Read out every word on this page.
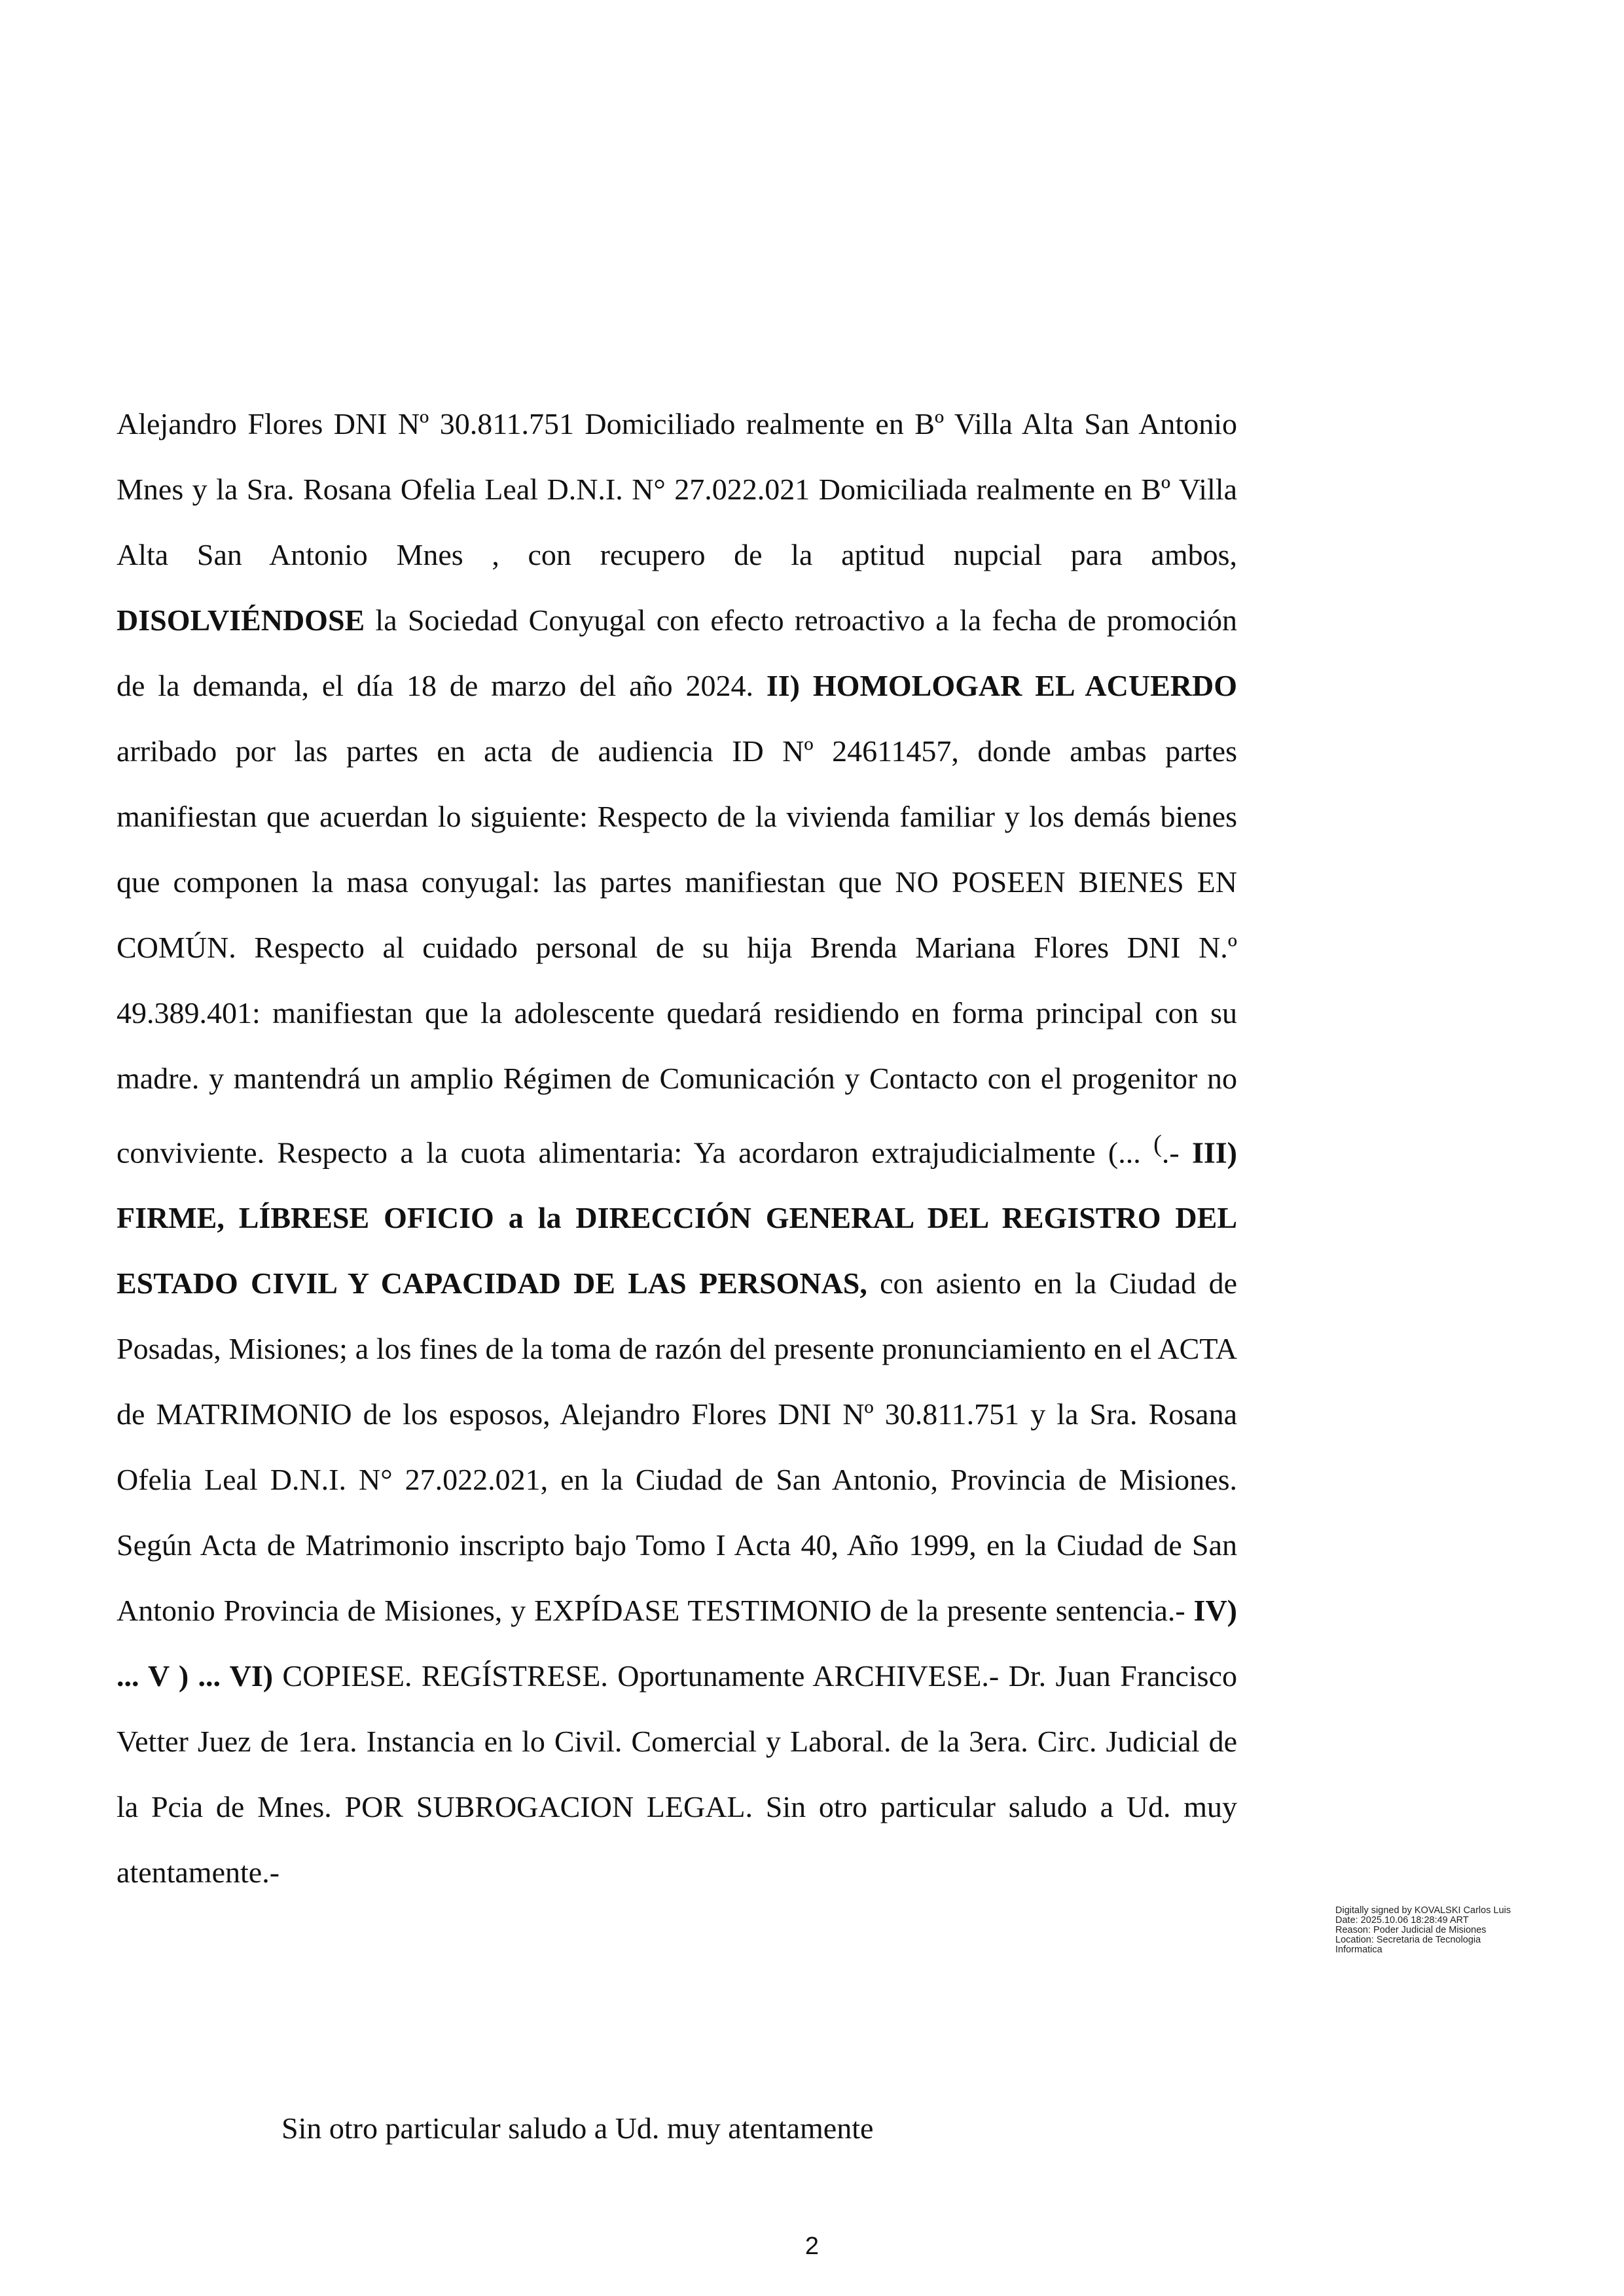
Alejandro Flores DNI Nº 30.811.751 Domiciliado realmente en Bº Villa Alta San Antonio Mnes y la Sra. Rosana Ofelia Leal D.N.I. N° 27.022.021 Domiciliada realmente en Bº Villa Alta San Antonio Mnes , con recupero de la aptitud nupcial para ambos, DISOLVIÉNDOSE la Sociedad Conyugal con efecto retroactivo a la fecha de promoción de la demanda, el día 18 de marzo del año 2024. II) HOMOLOGAR EL ACUERDO arribado por las partes en acta de audiencia ID Nº 24611457, donde ambas partes manifiestan que acuerdan lo siguiente: Respecto de la vivienda familiar y los demás bienes que componen la masa conyugal: las partes manifiestan que NO POSEEN BIENES EN COMÚN. Respecto al cuidado personal de su hija Brenda Mariana Flores DNI N.º 49.389.401: manifiestan que la adolescente quedará residiendo en forma principal con su madre. y mantendrá un amplio Régimen de Comunicación y Contacto con el progenitor no conviviente. Respecto a la cuota alimentaria: Ya acordaron extrajudicialmente (... (.- III) FIRME, LÍBRESE OFICIO a la DIRECCIÓN GENERAL DEL REGISTRO DEL ESTADO CIVIL Y CAPACIDAD DE LAS PERSONAS, con asiento en la Ciudad de Posadas, Misiones; a los fines de la toma de razón del presente pronunciamiento en el ACTA de MATRIMONIO de los esposos, Alejandro Flores DNI Nº 30.811.751 y la Sra. Rosana Ofelia Leal D.N.I. N° 27.022.021, en la Ciudad de San Antonio, Provincia de Misiones. Según Acta de Matrimonio inscripto bajo Tomo I Acta 40, Año 1999, en la Ciudad de San Antonio Provincia de Misiones, y EXPÍDASE TESTIMONIO de la presente sentencia.- IV) ... V ) ... VI) COPIESE. REGÍSTRESE. Oportunamente ARCHIVESE.- Dr. Juan Francisco Vetter Juez de 1era. Instancia en lo Civil. Comercial y Laboral. de la 3era. Circ. Judicial de la Pcia de Mnes. POR SUBROGACION LEGAL. Sin otro particular saludo a Ud. muy atentamente.-

Sin otro particular saludo a Ud. muy atentamente

Digitally signed by KOVALSKI Carlos Luis
Date: 2025.10.06 18:28:49 ART
Reason: Poder Judicial de Misiones
Location: Secretaria de Tecnologia
Informatica

2
